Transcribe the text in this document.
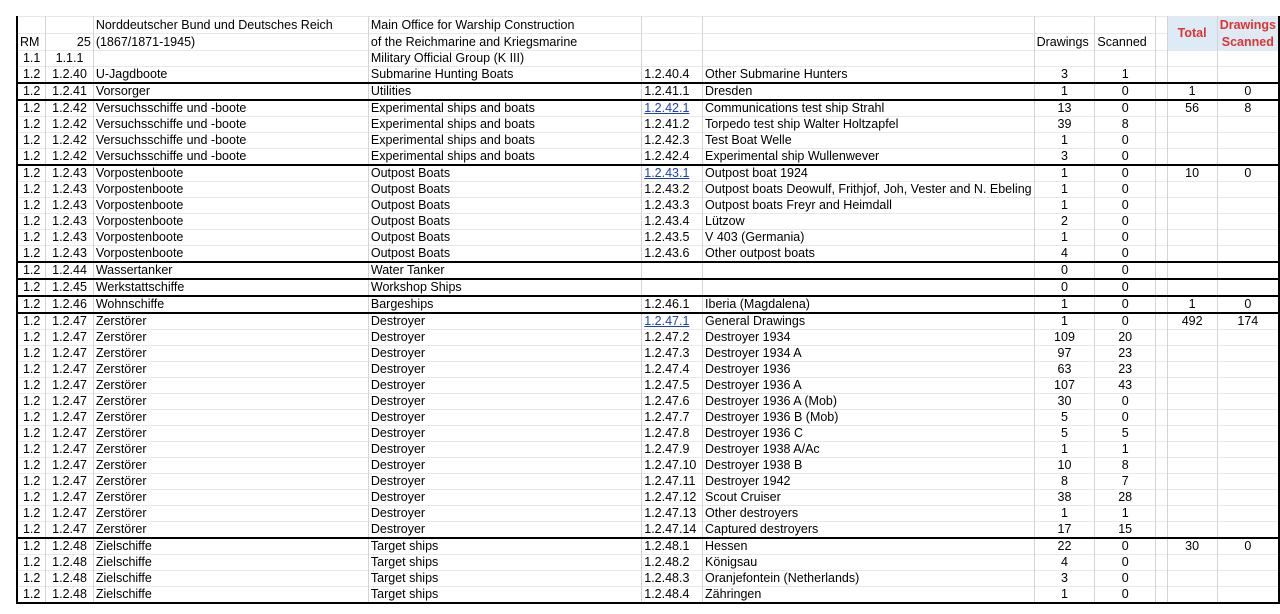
		Norddeutscher Bund und Deutsches Reich	Main Office for Warship Construction						Total	Drawings
RM	25	(1867/1871-1945)	of the Reichmarine and Kriegsmarine			Drawings	Scanned			Scanned
1.1	1.1.1		Military Official Group (K III)							
1.2	1.2.40	U-Jagdboote	Submarine Hunting Boats	1.2.40.4	Other Submarine Hunters	3	1			
1.2	1.2.41	Vorsorger	Utilities	1.2.41.1	Dresden	1	0		1	0
1.2	1.2.42	Versuchsschiffe und -boote	Experimental ships and boats	1.2.42.1	Communications test ship Strahl	13	0		56	8
1.2	1.2.42	Versuchsschiffe und -boote	Experimental ships and boats	1.2.41.2	Torpedo test ship Walter Holtzapfel	39	8			
1.2	1.2.42	Versuchsschiffe und -boote	Experimental ships and boats	1.2.42.3	Test Boat Welle	1	0			
1.2	1.2.42	Versuchsschiffe und -boote	Experimental ships and boats	1.2.42.4	Experimental ship Wullenwever	3	0			
1.2	1.2.43	Vorpostenboote	Outpost Boats	1.2.43.1	Outpost boat 1924	1	0		10	0
1.2	1.2.43	Vorpostenboote	Outpost Boats	1.2.43.2	Outpost boats Deowulf, Frithjof, Joh, Vester and N. Ebeling	1	0			
1.2	1.2.43	Vorpostenboote	Outpost Boats	1.2.43.3	Outpost boats Freyr and Heimdall	1	0			
1.2	1.2.43	Vorpostenboote	Outpost Boats	1.2.43.4	Lützow	2	0			
1.2	1.2.43	Vorpostenboote	Outpost Boats	1.2.43.5	V 403 (Germania)	1	0			
1.2	1.2.43	Vorpostenboote	Outpost Boats	1.2.43.6	Other outpost boats	4	0			
1.2	1.2.44	Wassertanker	Water Tanker			0	0			
1.2	1.2.45	Werkstattschiffe	Workshop Ships			0	0			
1.2	1.2.46	Wohnschiffe	Bargeships	1.2.46.1	Iberia (Magdalena)	1	0		1	0
1.2	1.2.47	Zerstörer	Destroyer	1.2.47.1	General Drawings	1	0		492	174
1.2	1.2.47	Zerstörer	Destroyer	1.2.47.2	Destroyer 1934	109	20			
1.2	1.2.47	Zerstörer	Destroyer	1.2.47.3	Destroyer 1934 A	97	23			
1.2	1.2.47	Zerstörer	Destroyer	1.2.47.4	Destroyer 1936	63	23			
1.2	1.2.47	Zerstörer	Destroyer	1.2.47.5	Destroyer 1936 A	107	43			
1.2	1.2.47	Zerstörer	Destroyer	1.2.47.6	Destroyer 1936 A (Mob)	30	0			
1.2	1.2.47	Zerstörer	Destroyer	1.2.47.7	Destroyer 1936 B (Mob)	5	0			
1.2	1.2.47	Zerstörer	Destroyer	1.2.47.8	Destroyer 1936 C	5	5			
1.2	1.2.47	Zerstörer	Destroyer	1.2.47.9	Destroyer 1938 A/Ac	1	1			
1.2	1.2.47	Zerstörer	Destroyer	1.2.47.10	Destroyer 1938 B	10	8			
1.2	1.2.47	Zerstörer	Destroyer	1.2.47.11	Destroyer 1942	8	7			
1.2	1.2.47	Zerstörer	Destroyer	1.2.47.12	Scout Cruiser	38	28			
1.2	1.2.47	Zerstörer	Destroyer	1.2.47.13	Other destroyers	1	1			
1.2	1.2.47	Zerstörer	Destroyer	1.2.47.14	Captured destroyers	17	15			
1.2	1.2.48	Zielschiffe	Target ships	1.2.48.1	Hessen	22	0		30	0
1.2	1.2.48	Zielschiffe	Target ships	1.2.48.2	Königsau	4	0			
1.2	1.2.48	Zielschiffe	Target ships	1.2.48.3	Oranjefontein (Netherlands)	3	0			
1.2	1.2.48	Zielschiffe	Target ships	1.2.48.4	Zähringen	1	0			
